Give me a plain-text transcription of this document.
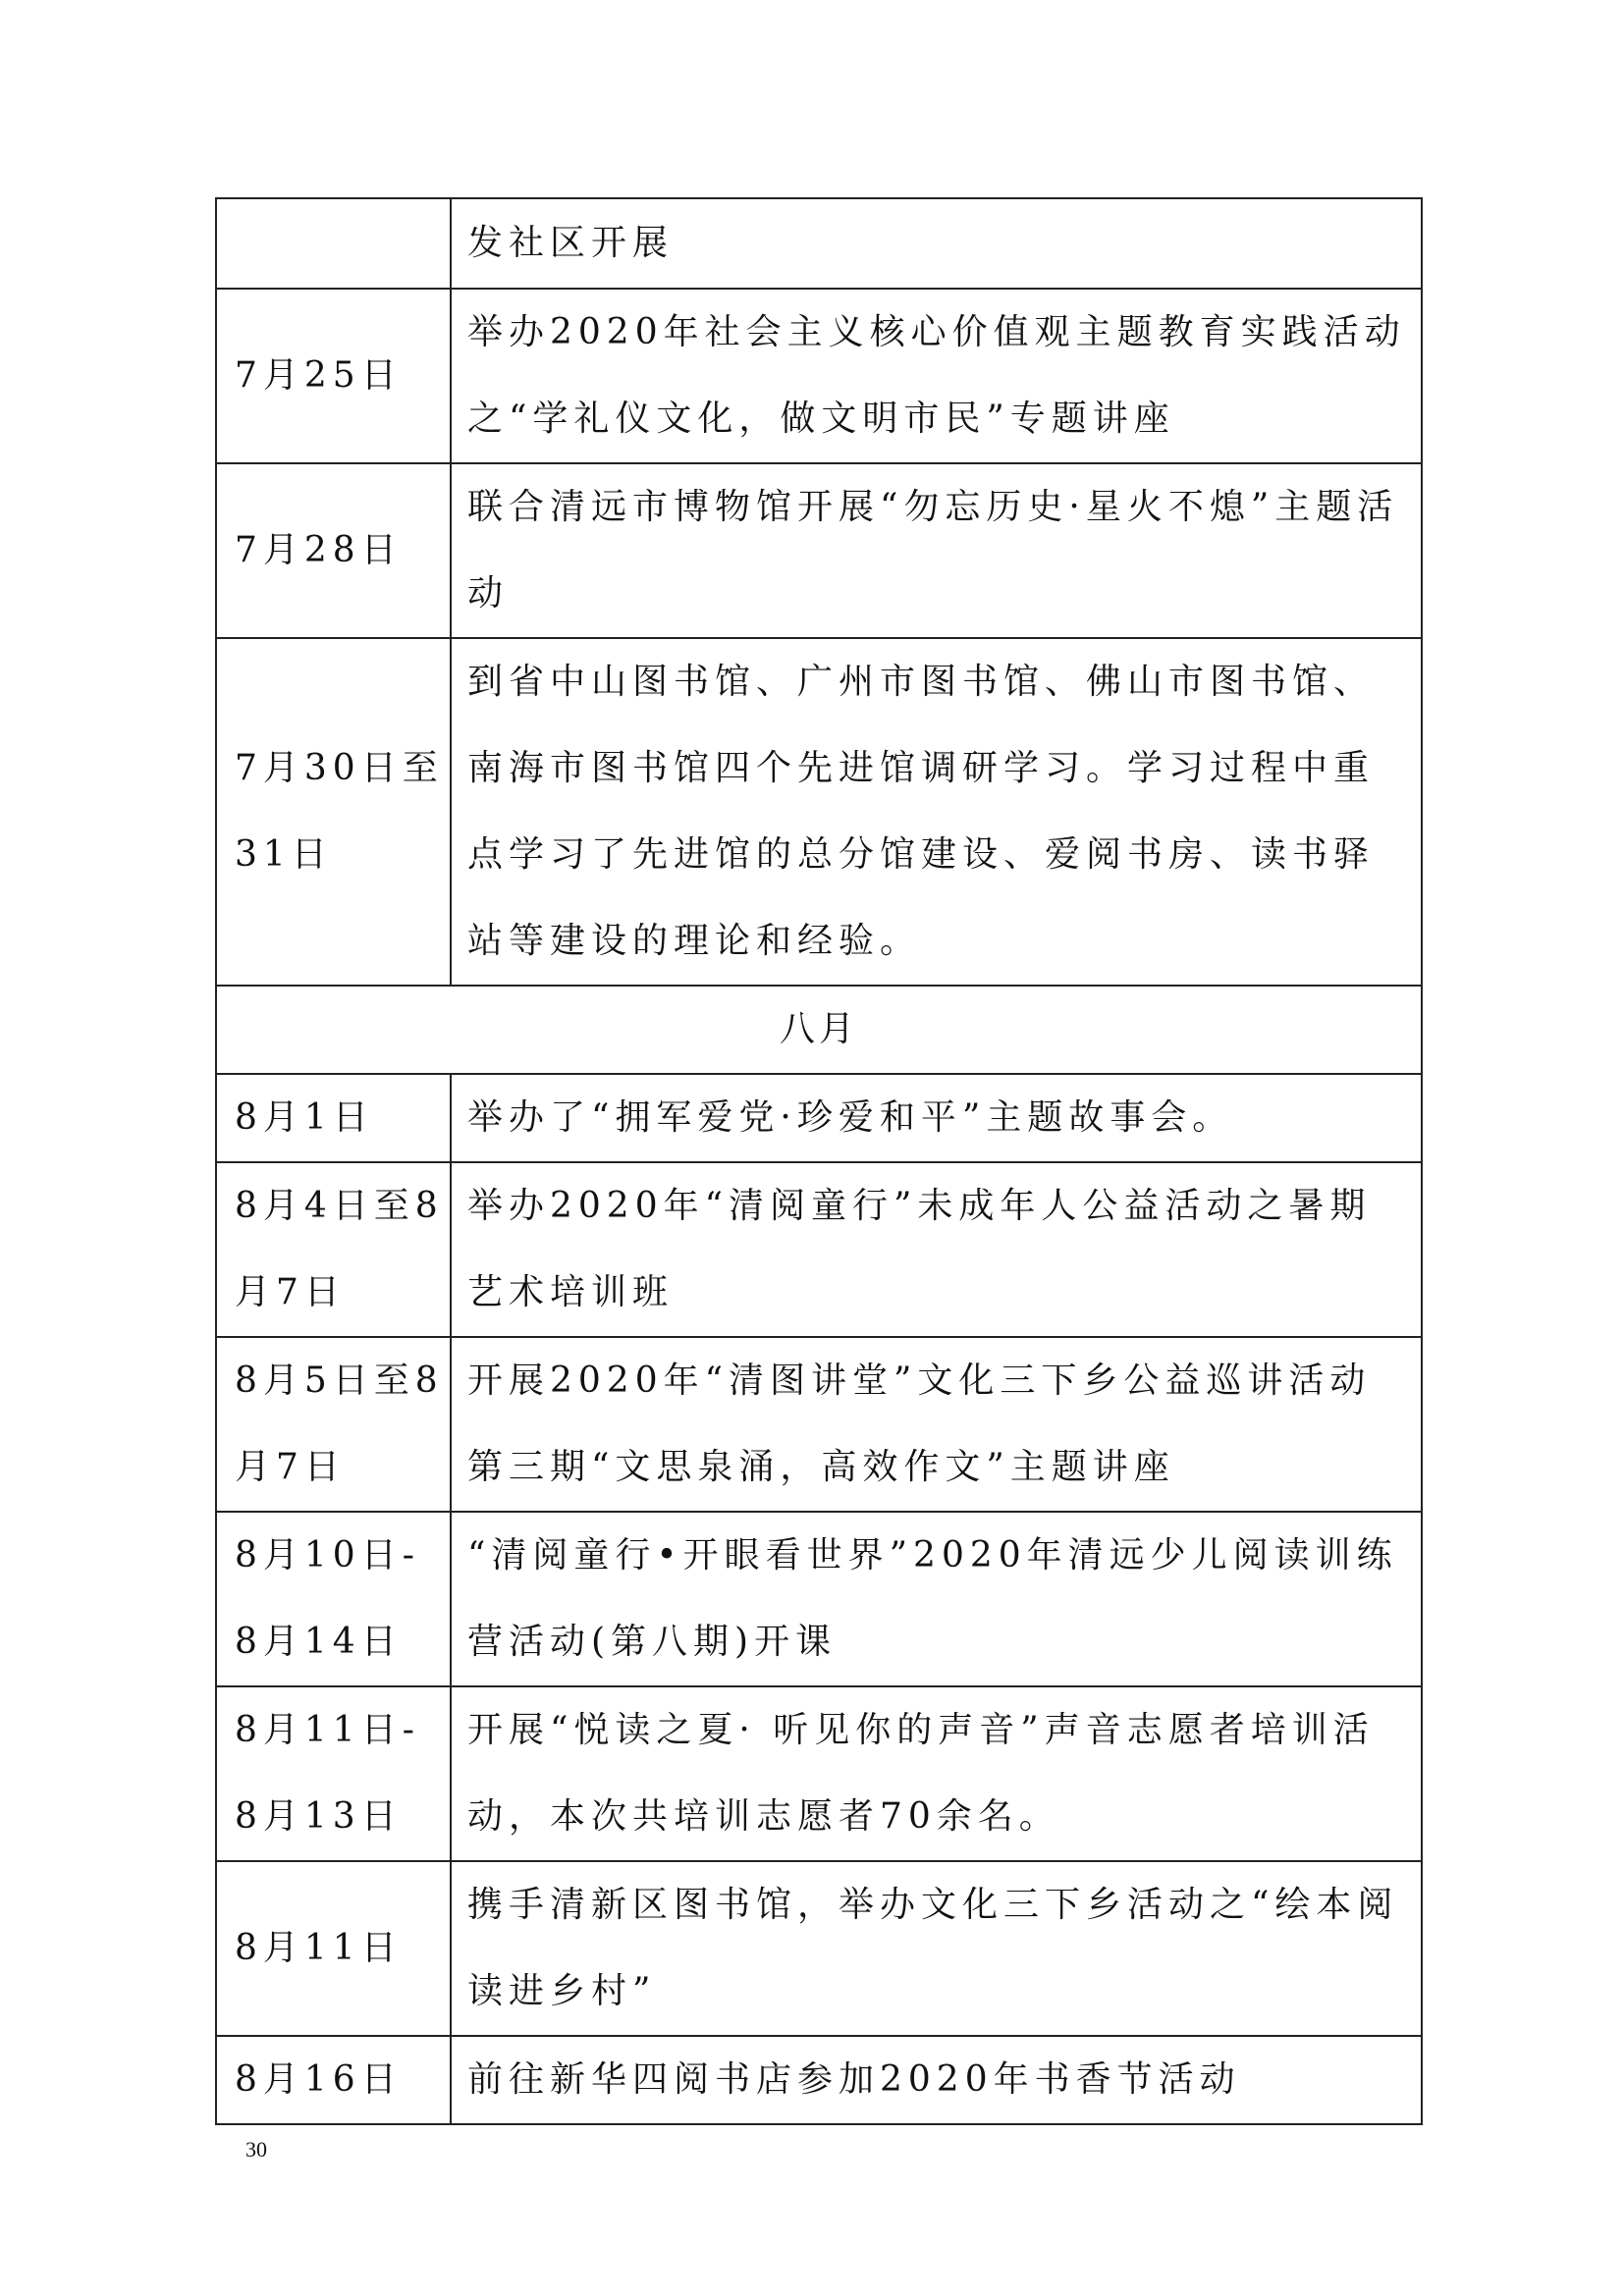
	发社区开展

7月25日	举办2020年社会主义核心价值观主题教育实践活动之“学礼仪文化，做文明市民”专题讲座

7月28日	联合清远市博物馆开展“勿忘历史·星火不熄”主题活动

7月30日至31日	到省中山图书馆、广州市图书馆、佛山市图书馆、南海市图书馆四个先进馆调研学习。学习过程中重点学习了先进馆的总分馆建设、爱阅书房、读书驿站等建设的理论和经验。

八月	

8月1日	举办了“拥军爱党·珍爱和平”主题故事会。

8月4日至8月7日	举办2020年“清阅童行”未成年人公益活动之暑期艺术培训班

8月5日至8月7日	开展2020年“清图讲堂”文化三下乡公益巡讲活动第三期“文思泉涌，高效作文”主题讲座

8月10日-8月14日	“清阅童行•开眼看世界”2020年清远少儿阅读训练营活动(第八期)开课

8月11日-8月13日	开展“悦读之夏· 听见你的声音”声音志愿者培训活动，本次共培训志愿者70余名。

8月11日	携手清新区图书馆，举办文化三下乡活动之“绘本阅读进乡村”

8月16日	前往新华四阅书店参加2020年书香节活动
30
